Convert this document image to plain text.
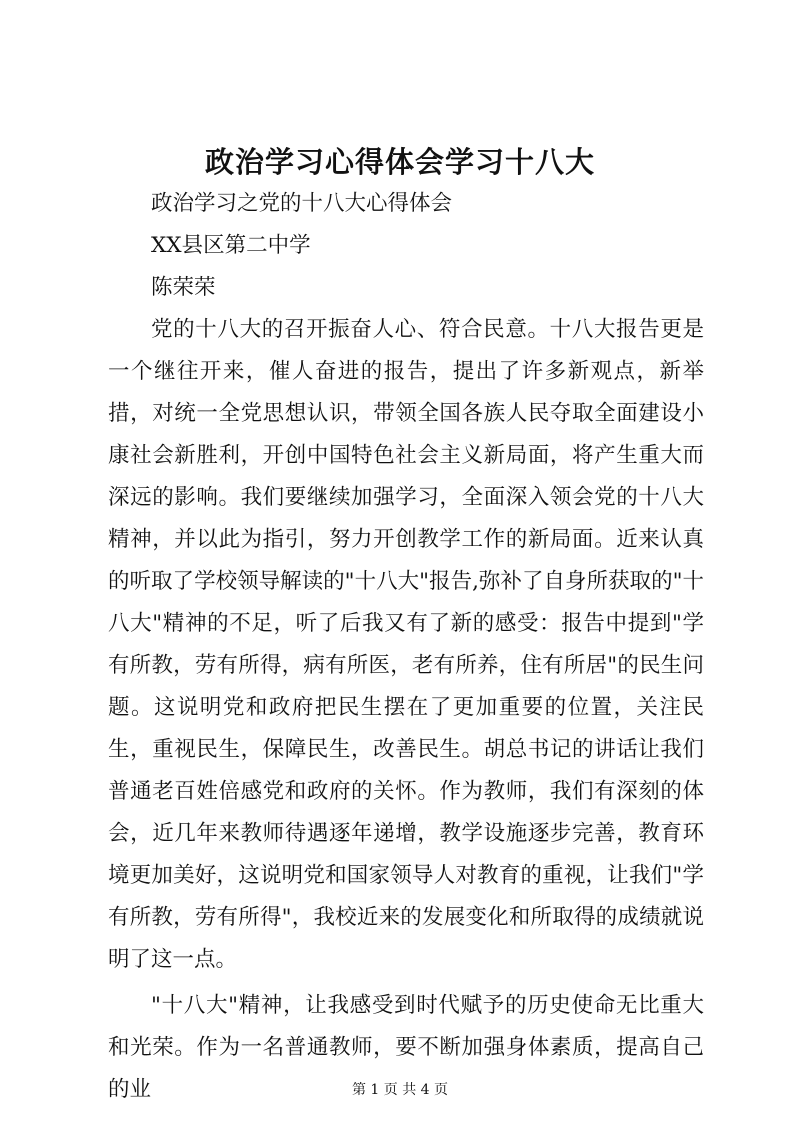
政治学习心得体会学习十八大

政治学习之党的十八大心得体会

XX县区第二中学

陈荣荣

党的十八大的召开振奋人心、符合民意。十八大报告更是一个继往开来，催人奋进的报告，提出了许多新观点，新举措，对统一全党思想认识，带领全国各族人民夺取全面建设小康社会新胜利，开创中国特色社会主义新局面，将产生重大而深远的影响。我们要继续加强学习，全面深入领会党的十八大精神，并以此为指引，努力开创教学工作的新局面。近来认真的听取了学校领导解读的"十八大"报告,弥补了自身所获取的"十八大"精神的不足，听了后我又有了新的感受：报告中提到"学有所教，劳有所得，病有所医，老有所养，住有所居"的民生问题。这说明党和政府把民生摆在了更加重要的位置，关注民生，重视民生，保障民生，改善民生。胡总书记的讲话让我们普通老百姓倍感党和政府的关怀。作为教师，我们有深刻的体会，近几年来教师待遇逐年递增，教学设施逐步完善，教育环境更加美好，这说明党和国家领导人对教育的重视，让我们"学有所教，劳有所得"，我校近来的发展变化和所取得的成绩就说明了这一点。

"十八大"精神，让我感受到时代赋予的历史使命无比重大和光荣。作为一名普通教师，要不断加强身体素质，提高自己的业	第 1 页 共 4 页
